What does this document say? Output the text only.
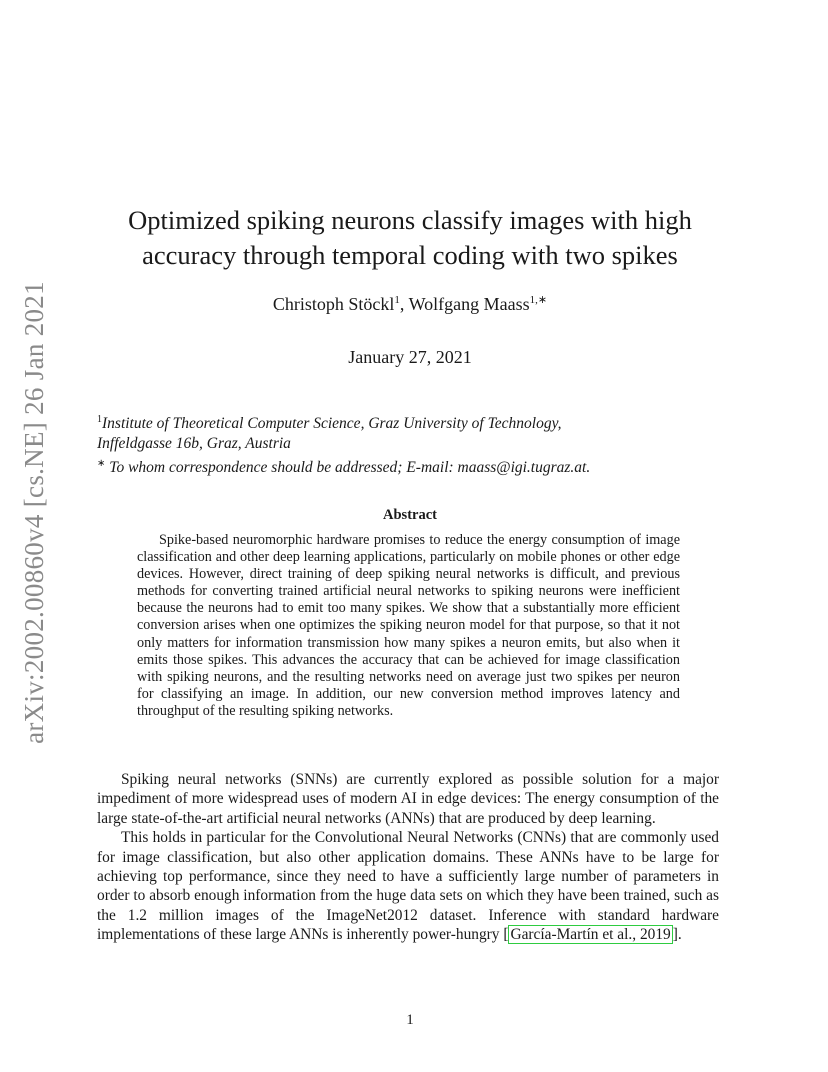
arXiv:2002.00860v4 [cs.NE] 26 Jan 2021
Optimized spiking neurons classify images with high
accuracy through temporal coding with two spikes
Christoph Stöckl$^1$, Wolfgang Maass$^{1,∗}$
January 27, 2021
$^1$Institute of Theoretical Computer Science, Graz University of Technology,
Inffeldgasse 16b, Graz, Austria
∗ To whom correspondence should be addressed; E-mail: maass@igi.tugraz.at.
Abstract

Spike-based neuromorphic hardware promises to reduce the energy consumption of image classification and other deep learning applications, particularly on mobile phones or other edge devices. However, direct training of deep spiking neural networks is difficult, and previous methods for converting trained artificial neural networks to spiking neurons were inefficient because the neurons had to emit too many spikes. We show that a substantially more efficient conversion arises when one optimizes the spiking neuron model for that purpose, so that it not only matters for information transmission how many spikes a neuron emits, but also when it emits those spikes. This advances the accuracy that can be achieved for image classification with spiking neurons, and the resulting networks need on average just two spikes per neuron for classifying an image. In addition, our new conversion method improves latency and throughput of the resulting spiking networks.

Spiking neural networks (SNNs) are currently explored as possible solution for a major impediment of more widespread uses of modern AI in edge devices: The energy consumption of the large state-of-the-art artificial neural networks (ANNs) that are produced by deep learning.

This holds in particular for the Convolutional Neural Networks (CNNs) that are commonly used for image classification, but also other application domains. These ANNs have to be large for achieving top performance, since they need to have a sufficiently large number of parameters in order to absorb enough information from the huge data sets on which they have been trained, such as the 1.2 million images of the ImageNet2012 dataset. Inference with standard hardware implementations of these large ANNs is inherently power-hungry [ García-Martín et al., 2019 ].

1
